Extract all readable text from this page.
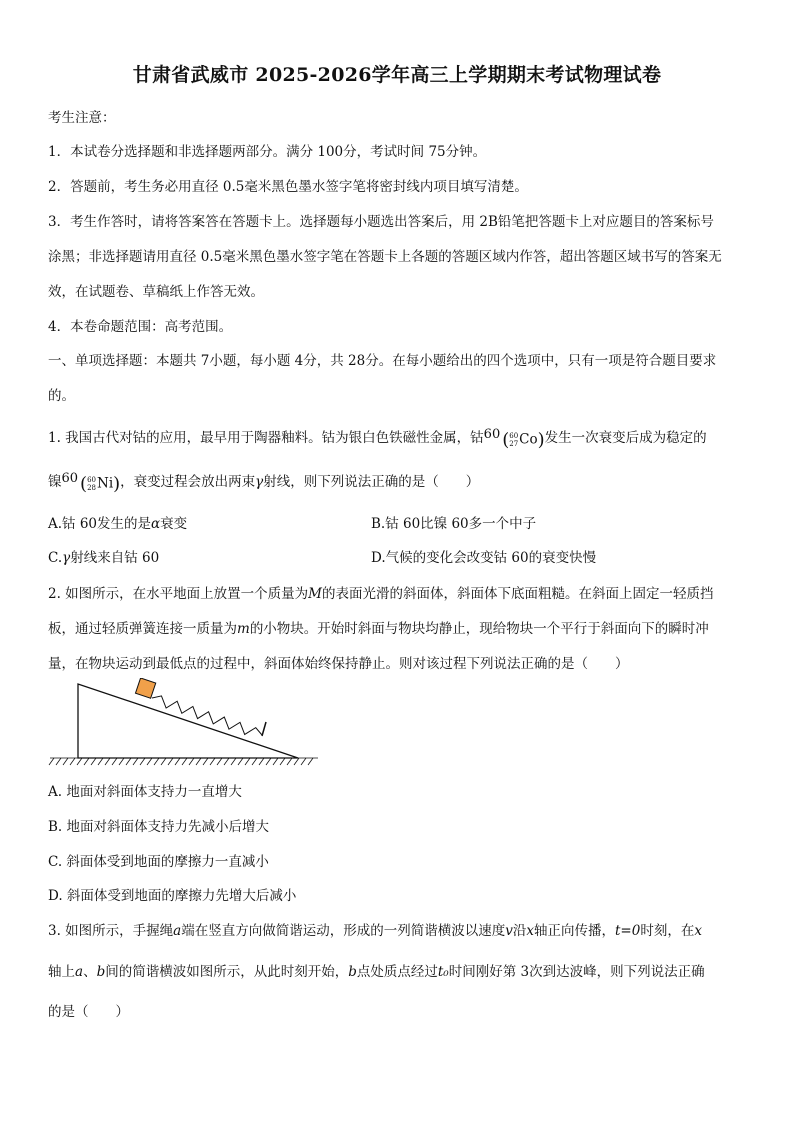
甘肃省武威市 2025-2026学年高三上学期期末考试物理试卷
考生注意：
1．本试卷分选择题和非选择题两部分。满分 100分，考试时间 75分钟。
2．答题前，考生务必用直径 0.5毫米黑色墨水签字笔将密封线内项目填写清楚。
3．考生作答时，请将答案答在答题卡上。选择题每小题选出答案后，用 2B铅笔把答题卡上对应题目的答案标号
涂黑；非选择题请用直径 0.5毫米黑色墨水签字笔在答题卡上各题的答题区域内作答，超出答题区域书写的答案无
效，在试题卷、草稿纸上作答无效。
4．本卷命题范围：高考范围。
一、单项选择题：本题共 7小题，每小题 4分，共 28分。在每小题给出的四个选项中，只有一项是符合题目要求
的。
1. 我国古代对钴的应用，最早用于陶器釉料。钴为银白色铁磁性金属，钴60 ( 60
27 Co)发生一次衰变后成为稳定的
镍60 ( 60
28 Ni)，衰变过程会放出两束γ射线，则下列说法正确的是（　　）
A.钴 60发生的是α衰变	B.钴 60比镍 60多一个中子
C.γ射线来自钴 60	D.气候的变化会改变钴 60的衰变快慢
2. 如图所示，在水平地面上放置一个质量为M的表面光滑的斜面体，斜面体下底面粗糙。在斜面上固定一轻质挡
板，通过轻质弹簧连接一质量为m的小物块。开始时斜面与物块均静止，现给物块一个平行于斜面向下的瞬时冲
量，在物块运动到最低点的过程中，斜面体始终保持静止。则对该过程下列说法正确的是（　　）
A. 地面对斜面体支持力一直增大
B. 地面对斜面体支持力先减小后增大
C. 斜面体受到地面的摩擦力一直减小
D. 斜面体受到地面的摩擦力先增大后减小
3. 如图所示，手握绳a端在竖直方向做简谐运动，形成的一列简谐横波以速度v沿x轴正向传播，t=0时刻，在x
轴上a、b间的简谐横波如图所示，从此时刻开始，b点处质点经过t₀时间刚好第 3次到达波峰，则下列说法正确
的是（　　）
